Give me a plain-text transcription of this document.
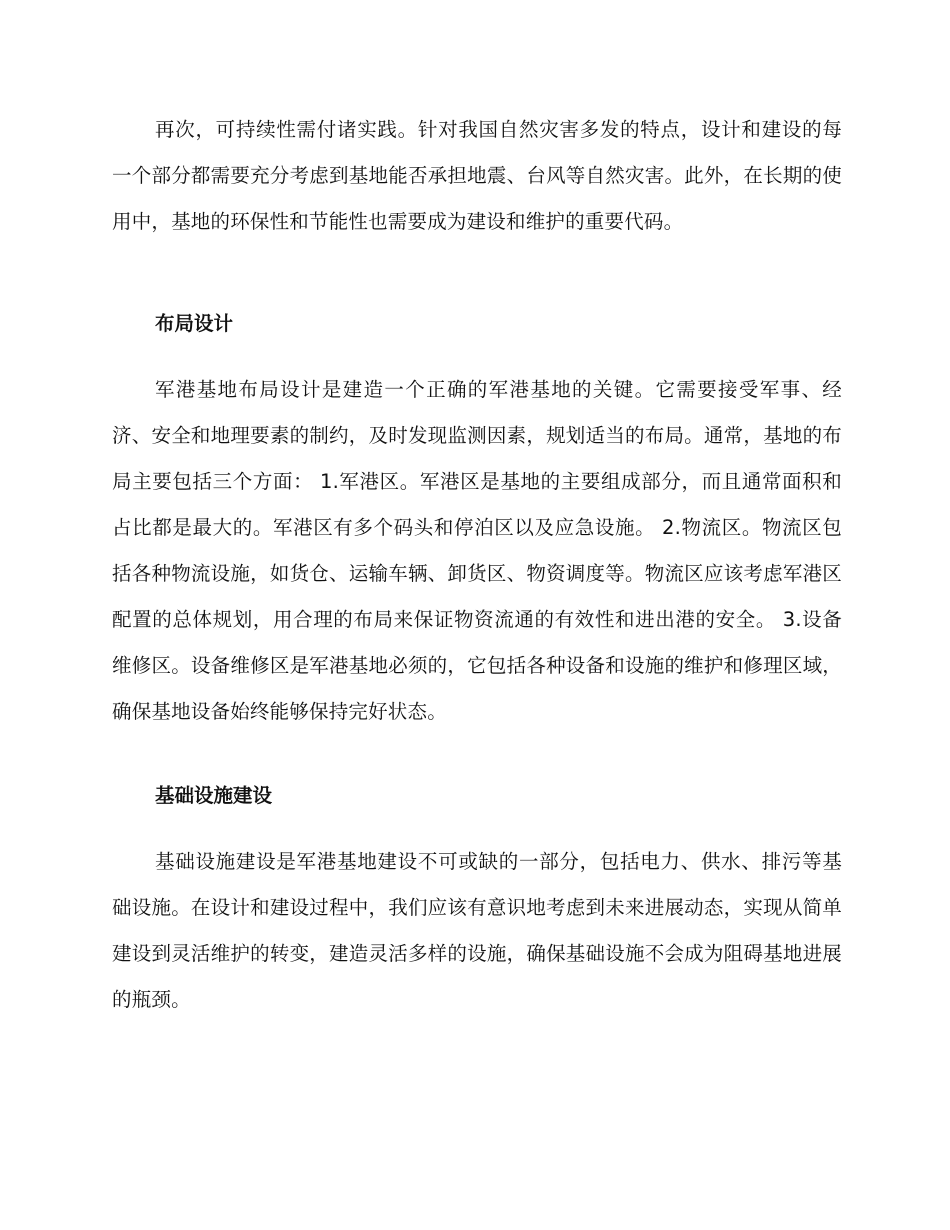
再次，可持续性需付诸实践。针对我国自然灾害多发的特点，设计和建设的每一个部分都需要充分考虑到基地能否承担地震、台风等自然灾害。此外，在长期的使用中，基地的环保性和节能性也需要成为建设和维护的重要代码。

布局设计

军港基地布局设计是建造一个正确的军港基地的关键。它需要接受军事、经济、安全和地理要素的制约，及时发现监测因素，规划适当的布局。通常，基地的布局主要包括三个方面： 1.军港区。军港区是基地的主要组成部分，而且通常面积和占比都是最大的。军港区有多个码头和停泊区以及应急设施。 2.物流区。物流区包括各种物流设施，如货仓、运输车辆、卸货区、物资调度等。物流区应该考虑军港区配置的总体规划，用合理的布局来保证物资流通的有效性和进出港的安全。 3.设备维修区。设备维修区是军港基地必须的，它包括各种设备和设施的维护和修理区域，确保基地设备始终能够保持完好状态。

基础设施建设

基础设施建设是军港基地建设不可或缺的一部分，包括电力、供水、排污等基础设施。在设计和建设过程中，我们应该有意识地考虑到未来进展动态，实现从简单建设到灵活维护的转变，建造灵活多样的设施，确保基础设施不会成为阻碍基地进展的瓶颈。
